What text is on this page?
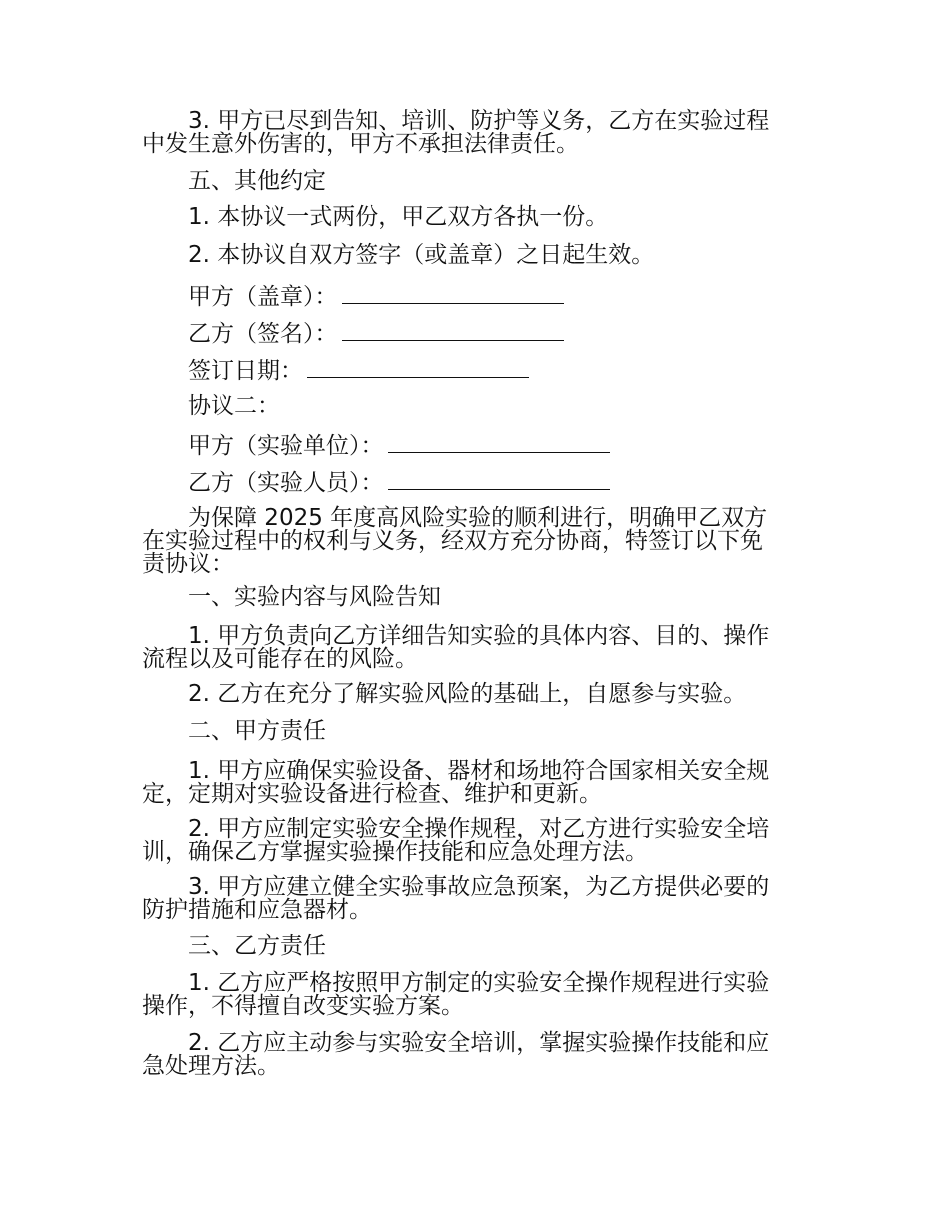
3. 甲方已尽到告知、培训、防护等义务，乙方在实验过程
中发生意外伤害的，甲方不承担法律责任。
五、其他约定
1. 本协议一式两份，甲乙双方各执一份。
2. 本协议自双方签字（或盖章）之日起生效。
甲方（盖章）：
乙方（签名）：
签订日期：
协议二：
甲方（实验单位）：
乙方（实验人员）：
为保障 2025 年度高风险实验的顺利进行，明确甲乙双方
在实验过程中的权利与义务，经双方充分协商，特签订以下免
责协议：
一、实验内容与风险告知
1. 甲方负责向乙方详细告知实验的具体内容、目的、操作
流程以及可能存在的风险。
2. 乙方在充分了解实验风险的基础上，自愿参与实验。
二、甲方责任
1. 甲方应确保实验设备、器材和场地符合国家相关安全规
定，定期对实验设备进行检查、维护和更新。
2. 甲方应制定实验安全操作规程，对乙方进行实验安全培
训，确保乙方掌握实验操作技能和应急处理方法。
3. 甲方应建立健全实验事故应急预案，为乙方提供必要的
防护措施和应急器材。
三、乙方责任
1. 乙方应严格按照甲方制定的实验安全操作规程进行实验
操作，不得擅自改变实验方案。
2. 乙方应主动参与实验安全培训，掌握实验操作技能和应
急处理方法。
